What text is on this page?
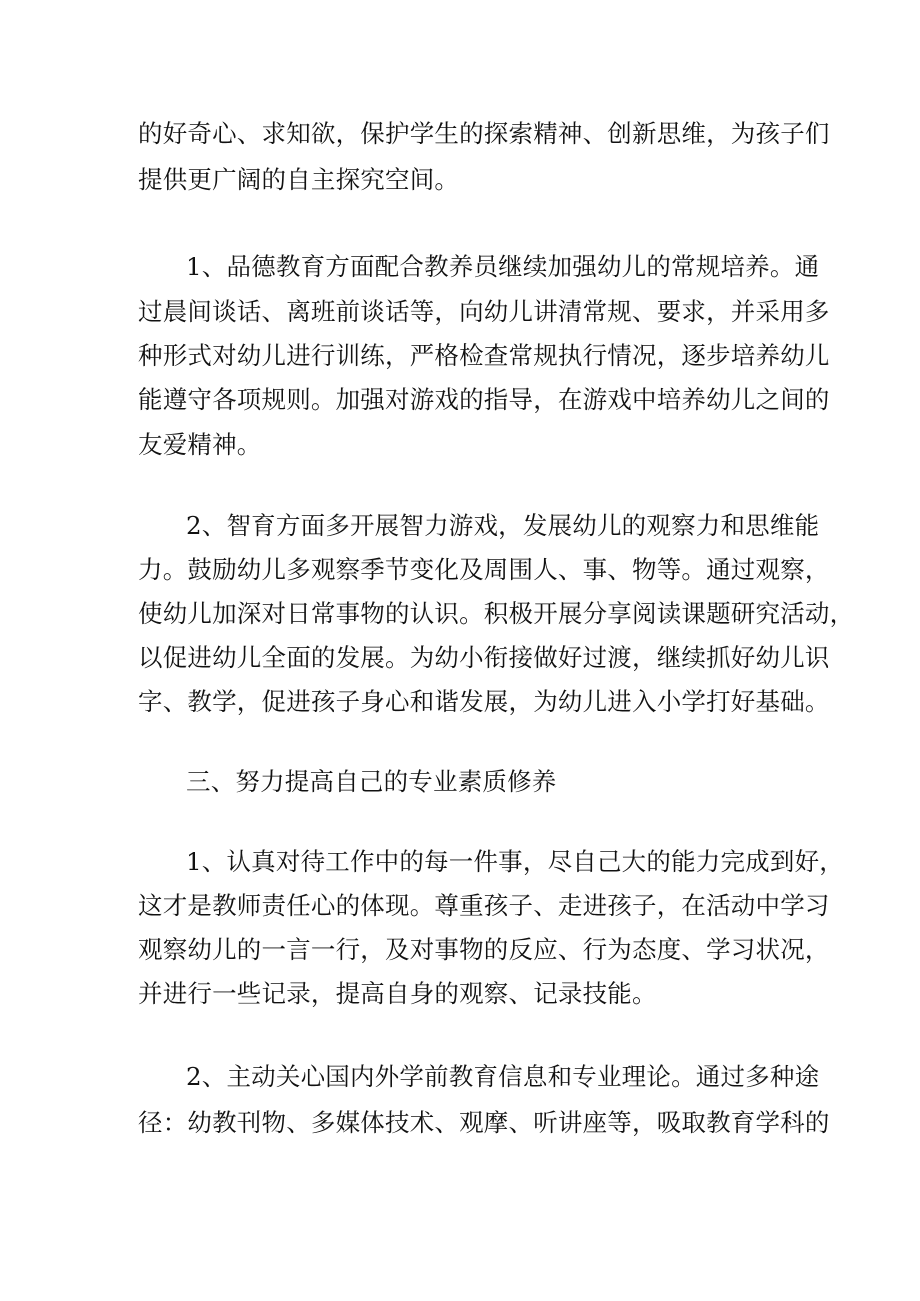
的好奇心、求知欲，保护学生的探索精神、创新思维，为孩子们
提供更广阔的自主探究空间。
1、品德教育方面配合教养员继续加强幼儿的常规培养。通
过晨间谈话、离班前谈话等，向幼儿讲清常规、要求，并采用多
种形式对幼儿进行训练，严格检查常规执行情况，逐步培养幼儿
能遵守各项规则。加强对游戏的指导，在游戏中培养幼儿之间的
友爱精神。
2、智育方面多开展智力游戏，发展幼儿的观察力和思维能
力。鼓励幼儿多观察季节变化及周围人、事、物等。通过观察，
使幼儿加深对日常事物的认识。积极开展分享阅读课题研究活动，
以促进幼儿全面的发展。为幼小衔接做好过渡，继续抓好幼儿识
字、教学，促进孩子身心和谐发展，为幼儿进入小学打好基础。
三、努力提高自己的专业素质修养
1、认真对待工作中的每一件事，尽自己大的能力完成到好，
这才是教师责任心的体现。尊重孩子、走进孩子，在活动中学习
观察幼儿的一言一行，及对事物的反应、行为态度、学习状况，
并进行一些记录，提高自身的观察、记录技能。
2、主动关心国内外学前教育信息和专业理论。通过多种途
径：幼教刊物、多媒体技术、观摩、听讲座等，吸取教育学科的
